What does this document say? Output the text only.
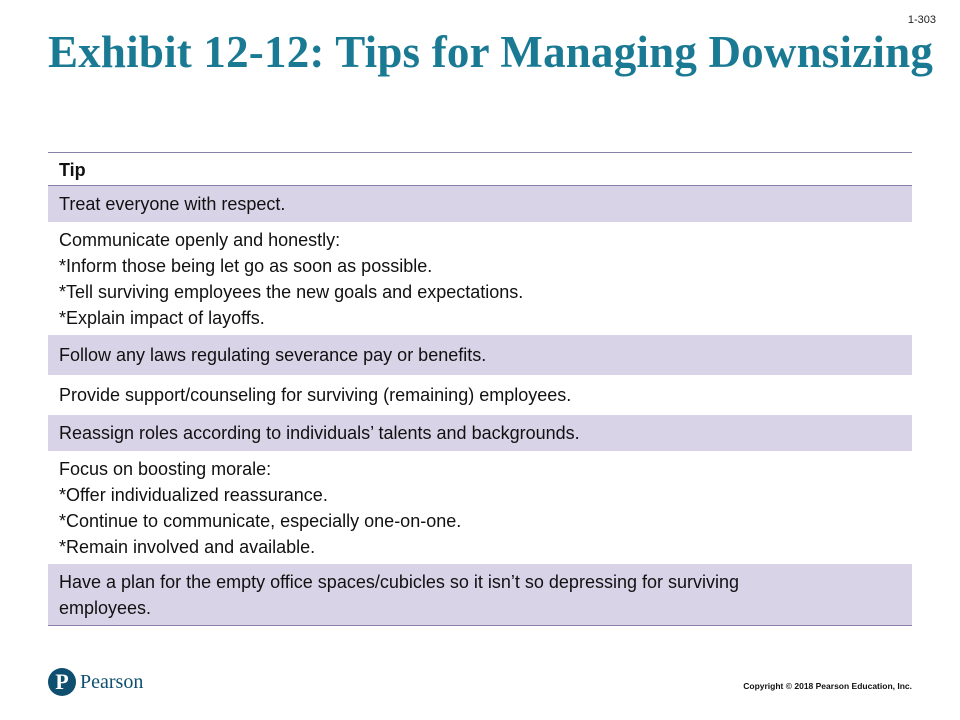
1-303
Exhibit 12-12: Tips for Managing Downsizing
Tip
Treat everyone with respect.
Communicate openly and honestly:
*Inform those being let go as soon as possible.
*Tell surviving employees the new goals and expectations.
*Explain impact of layoffs.
Follow any laws regulating severance pay or benefits.
Provide support/counseling for surviving (remaining) employees.
Reassign roles according to individuals’ talents and backgrounds.
Focus on boosting morale:
*Offer individualized reassurance.
*Continue to communicate, especially one-on-one.
*Remain involved and available.
Have a plan for the empty office spaces/cubicles so it isn’t so depressing for surviving
employees.
P Pearson	Copyright © 2018 Pearson Education, Inc.
